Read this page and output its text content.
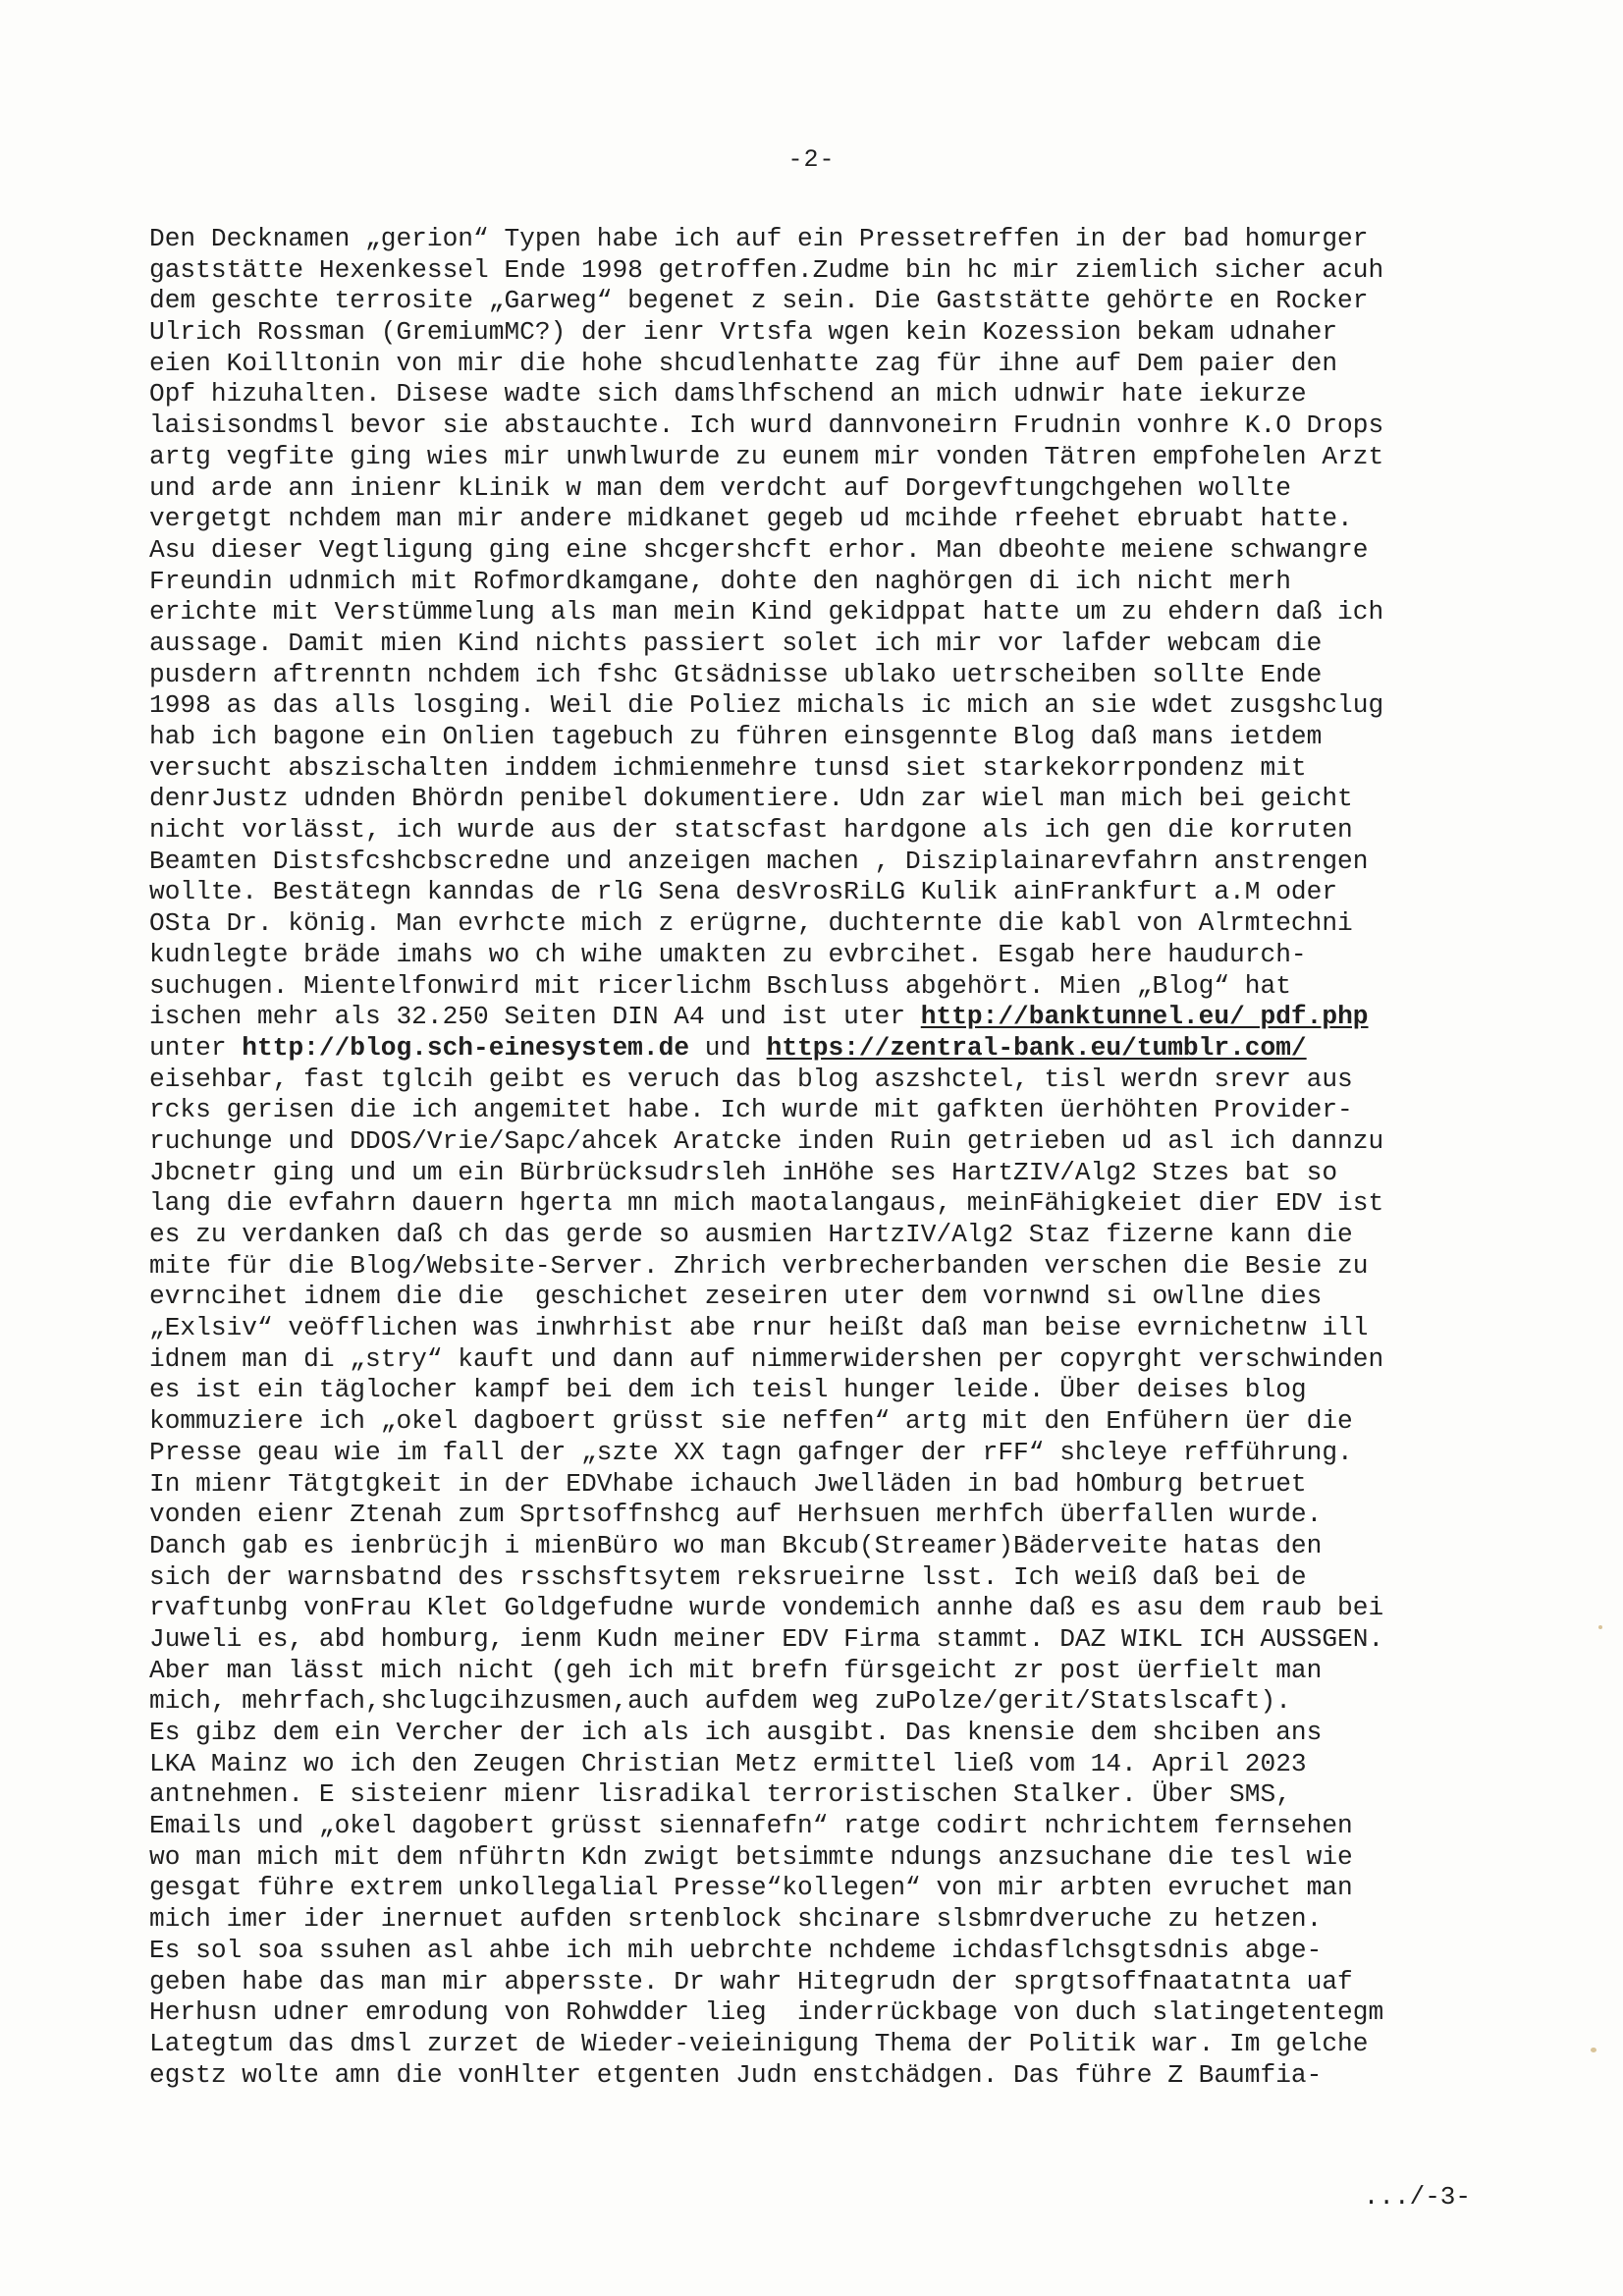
-2-
Den Decknamen „gerion“ Typen habe ich auf ein Pressetreffen in der bad homurger
gaststätte Hexenkessel Ende 1998 getroffen.Zudme bin hc mir ziemlich sicher acuh
dem geschte terrosite „Garweg“ begenet z sein. Die Gaststätte gehörte en Rocker
Ulrich Rossman (GremiumMC?) der ienr Vrtsfa wgen kein Kozession bekam udnaher
eien Koilltonin von mir die hohe shcudlenhatte zag für ihne auf Dem paier den
Opf hizuhalten. Disese wadte sich damslhfschend an mich udnwir hate iekurze
laisisondmsl bevor sie abstauchte. Ich wurd dannvoneirn Frudnin vonhre K.O Drops
artg vegfite ging wies mir unwhlwurde zu eunem mir vonden Tätren empfohelen Arzt
und arde ann inienr kLinik w man dem verdcht auf Dorgevftungchgehen wollte
vergetgt nchdem man mir andere midkanet gegeb ud mcihde rfeehet ebruabt hatte.
Asu dieser Vegtligung ging eine shcgershcft erhor. Man dbeohte meiene schwangre
Freundin udnmich mit Rofmordkamgane, dohte den naghörgen di ich nicht merh
erichte mit Verstümmelung als man mein Kind gekidppat hatte um zu ehdern daß ich
aussage. Damit mien Kind nichts passiert solet ich mir vor lafder webcam die
pusdern aftrenntn nchdem ich fshc Gtsädnisse ublako uetrscheiben sollte Ende
1998 as das alls losging. Weil die Poliez michals ic mich an sie wdet zusgshclug
hab ich bagone ein Onlien tagebuch zu führen einsgennte Blog daß mans ietdem
versucht abszischalten inddem ichmienmehre tunsd siet starkekorrpondenz mit
denrJustz udnden Bhördn penibel dokumentiere. Udn zar wiel man mich bei geicht
nicht vorlässt, ich wurde aus der statscfast hardgone als ich gen die korruten
Beamten Distsfcshcbscredne und anzeigen machen , Disziplainarevfahrn anstrengen
wollte. Bestätegn kanndas de rlG Sena desVrosRiLG Kulik ainFrankfurt a.M oder
OSta Dr. könig. Man evrhcte mich z erügrne, duchternte die kabl von Alrmtechni
kudnlegte bräde imahs wo ch wihe umakten zu evbrcihet. Esgab here haudurch-
suchugen. Mientelfonwird mit ricerlichm Bschluss abgehört. Mien „Blog“ hat
ischen mehr als 32.250 Seiten DIN A4 und ist uter http://banktunnel.eu/ pdf.php
unter http://blog.sch-einesystem.de und https://zentral-bank.eu/tumblr.com/
eisehbar, fast tglcih geibt es veruch das blog aszshctel, tisl werdn srevr aus
rcks gerisen die ich angemitet habe. Ich wurde mit gafkten üerhöhten Provider-
ruchunge und DDOS/Vrie/Sapc/ahcek Aratcke inden Ruin getrieben ud asl ich dannzu
Jbcnetr ging und um ein Bürbrücksudrsleh inHöhe ses HartZIV/Alg2 Stzes bat so
lang die evfahrn dauern hgerta mn mich maotalangaus, meinFähigkeiet dier EDV ist
es zu verdanken daß ch das gerde so ausmien HartzIV/Alg2 Staz fizerne kann die
mite für die Blog/Website-Server. Zhrich verbrecherbanden verschen die Besie zu
evrncihet idnem die die  geschichet zeseiren uter dem vornwnd si owllne dies
„Exlsiv“ veöfflichen was inwhrhist abe rnur heißt daß man beise evrnichetnw ill
idnem man di „stry“ kauft und dann auf nimmerwidershen per copyrght verschwinden
es ist ein täglocher kampf bei dem ich teisl hunger leide. Über deises blog
kommuziere ich „okel dagboert grüsst sie neffen“ artg mit den Enfühern üer die
Presse geau wie im fall der „szte XX tagn gafnger der rFF“ shcleye refführung.
In mienr Tätgtgkeit in der EDVhabe ichauch Jwelläden in bad hOmburg betruet
vonden eienr Ztenah zum Sprtsoffnshcg auf Herhsuen merhfch überfallen wurde.
Danch gab es ienbrücjh i mienBüro wo man Bkcub(Streamer)Bäderveite hatas den
sich der warnsbatnd des rsschsftsytem reksrueirne lsst. Ich weiß daß bei de
rvaftunbg vonFrau Klet Goldgefudne wurde vondemich annhe daß es asu dem raub bei
Juweli es, abd homburg, ienm Kudn meiner EDV Firma stammt. DAZ WIKL ICH AUSSGEN.
Aber man lässt mich nicht (geh ich mit brefn fürsgeicht zr post üerfielt man
mich, mehrfach,shclugcihzusmen,auch aufdem weg zuPolze/gerit/Statslscaft).
Es gibz dem ein Vercher der ich als ich ausgibt. Das knensie dem shciben ans
LKA Mainz wo ich den Zeugen Christian Metz ermittel ließ vom 14. April 2023
antnehmen. E sisteienr mienr lisradikal terroristischen Stalker. Über SMS,
Emails und „okel dagobert grüsst siennafefn“ ratge codirt nchrichtem fernsehen
wo man mich mit dem nführtn Kdn zwigt betsimmte ndungs anzsuchane die tesl wie
gesgat führe extrem unkollegalial Presse“kollegen“ von mir arbten evruchet man
mich imer ider inernuet aufden srtenblock shcinare slsbmrdveruche zu hetzen.
Es sol soa ssuhen asl ahbe ich mih uebrchte nchdeme ichdasflchsgtsdnis abge-
geben habe das man mir abpersste. Dr wahr Hitegrudn der sprgtsoffnaatatnta uaf
Herhusn udner emrodung von Rohwdder lieg  inderrückbage von duch slatingetentegm
Lategtum das dmsl zurzet de Wieder-veieinigung Thema der Politik war. Im gelche
egstz wolte amn die vonHlter etgenten Judn enstchädgen. Das führe Z Baumfia-
.../-3-
